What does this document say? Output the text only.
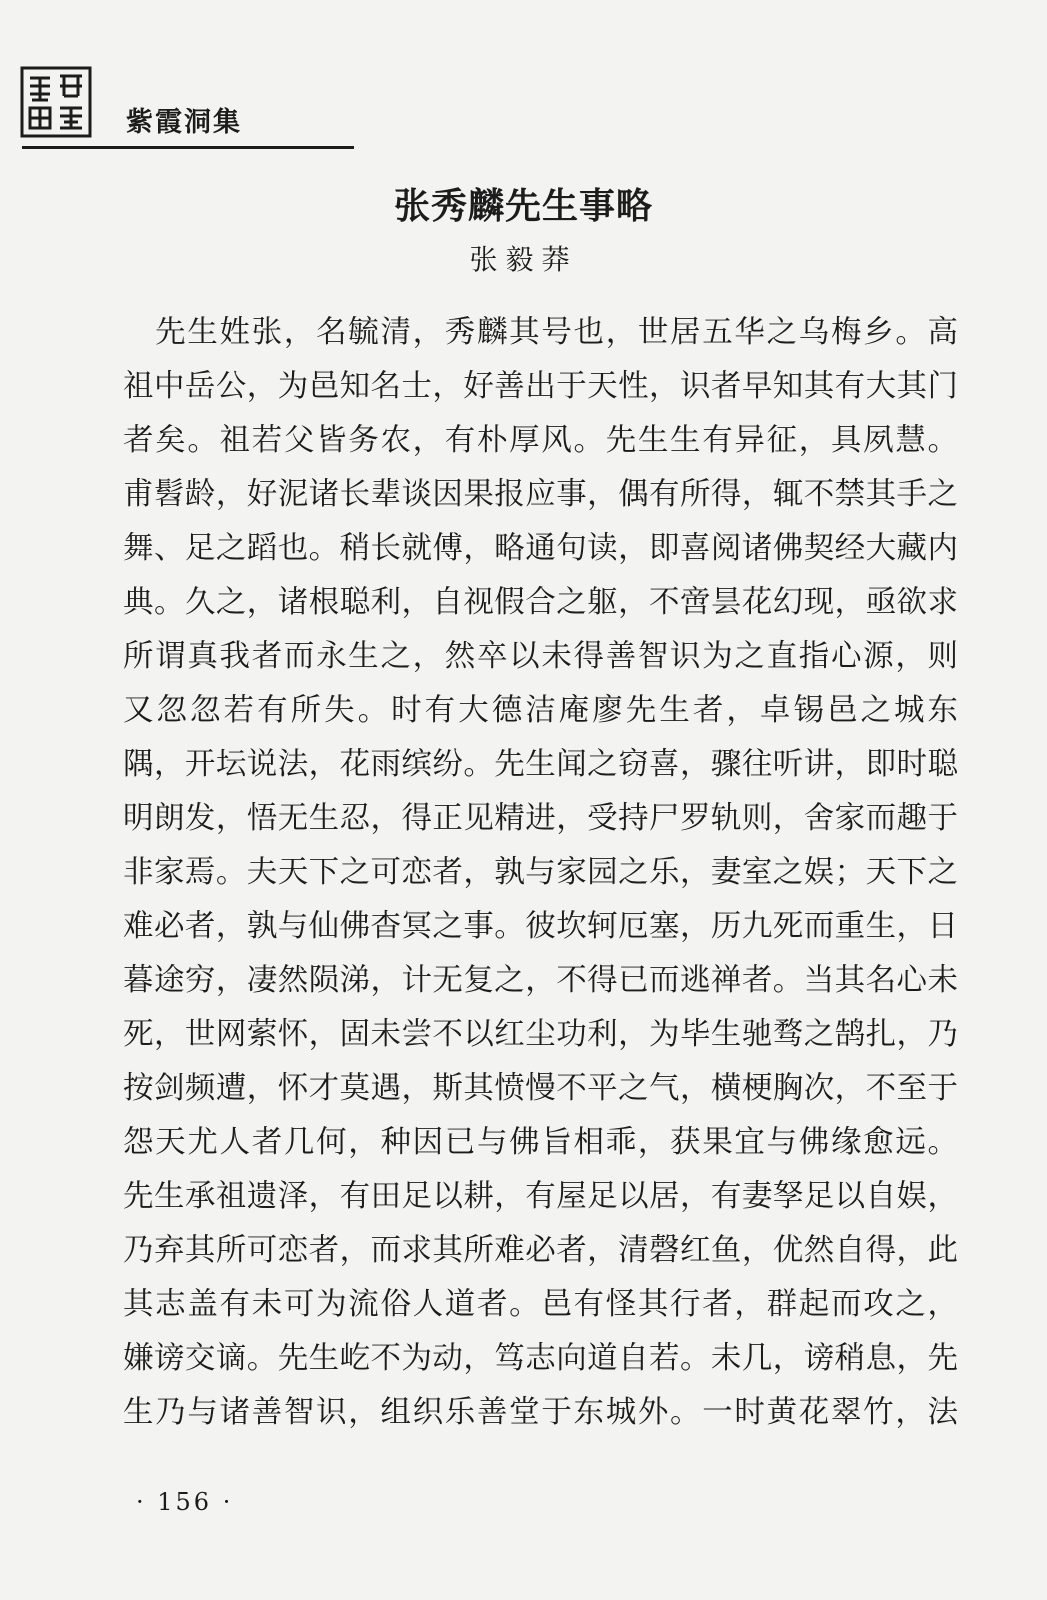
紫霞洞集
张秀麟先生事略
张毅莽
　先生姓张，名毓清，秀麟其号也，世居五华之乌梅乡。高
祖中岳公，为邑知名士，好善出于天性，识者早知其有大其门
者矣。祖若父皆务农，有朴厚风。先生生有异征，具夙慧。
甫髫龄，好泥诸长辈谈因果报应事，偶有所得，辄不禁其手之
舞、足之蹈也。稍长就傅，略通句读，即喜阅诸佛契经大藏内
典。久之，诸根聪利，自视假合之躯，不啻昙花幻现，亟欲求
所谓真我者而永生之，然卒以未得善智识为之直指心源，则
又忽忽若有所失。时有大德洁庵廖先生者，卓锡邑之城东
隅，开坛说法，花雨缤纷。先生闻之窃喜，骤往听讲，即时聪
明朗发，悟无生忍，得正见精进，受持尸罗轨则，舍家而趣于
非家焉。夫天下之可恋者，孰与家园之乐，妻室之娱；天下之
难必者，孰与仙佛杳冥之事。彼坎轲厄塞，历九死而重生，日
暮途穷，凄然陨涕，计无复之，不得已而逃禅者。当其名心未
死，世网萦怀，固未尝不以红尘功利，为毕生驰骛之鹄扎，乃
按剑频遭，怀才莫遇，斯其愤慢不平之气，横梗胸次，不至于
怨天尤人者几何，种因已与佛旨相乖，获果宜与佛缘愈远。
先生承祖遗泽，有田足以耕，有屋足以居，有妻孥足以自娱，
乃弃其所可恋者，而求其所难必者，清磬红鱼，优然自得，此
其志盖有未可为流俗人道者。邑有怪其行者，群起而攻之，
嫌谤交谪。先生屹不为动，笃志向道自若。未几，谤稍息，先
生乃与诸善智识，组织乐善堂于东城外。一时黄花翠竹，法
· 156 ·
